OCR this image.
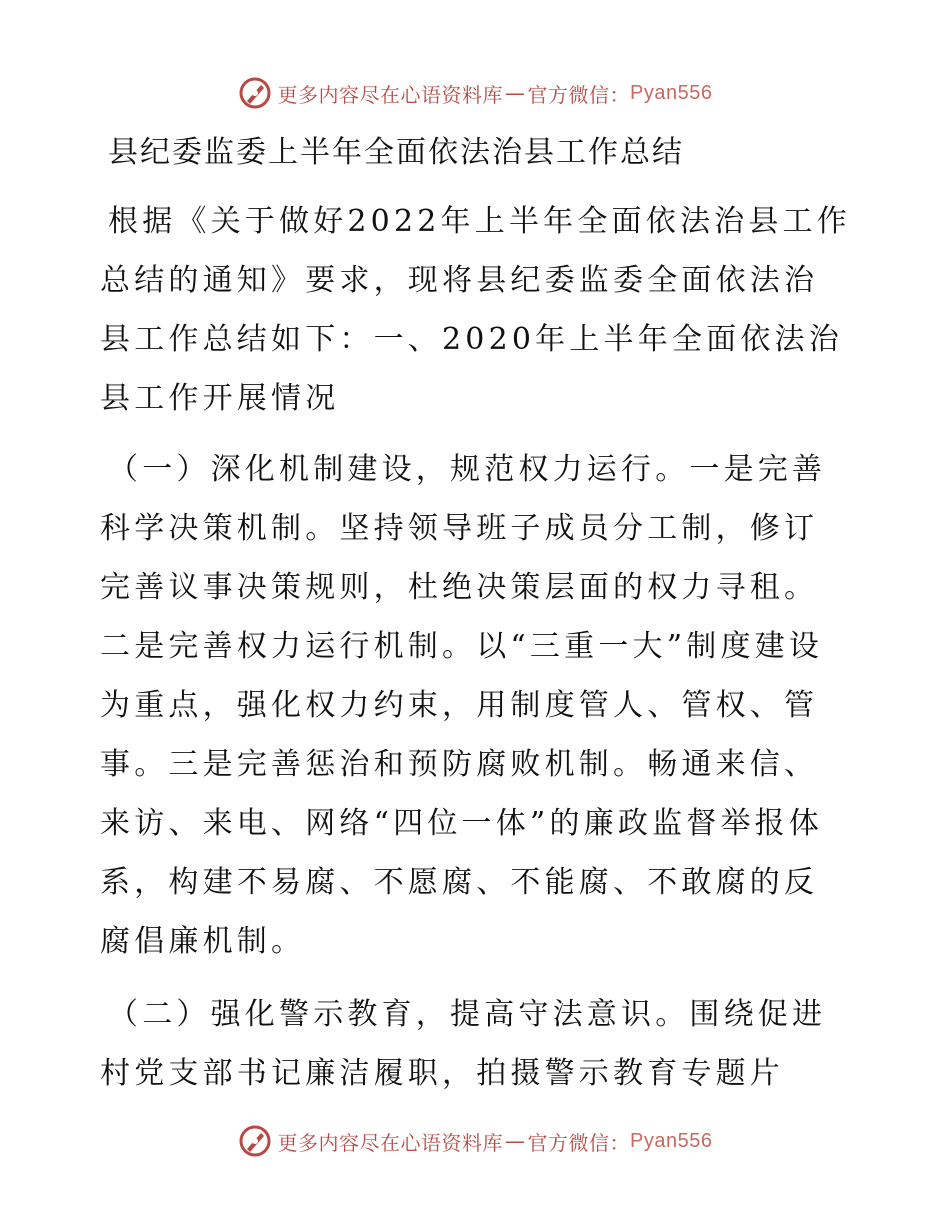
更多内容尽在心语资料库 — 官方微信： Pyan556
县纪委监委上半年全面依法治县工作总结

根据《关于做好2022年上半年全面依法治县工作总结的通知》要求，现将县纪委监委全面依法治县工作总结如下：一、2020年上半年全面依法治县工作开展情况

（一）深化机制建设，规范权力运行。一是完善科学决策机制。坚持领导班子成员分工制，修订完善议事决策规则，杜绝决策层面的权力寻租。二是完善权力运行机制。以“三重一大”制度建设为重点，强化权力约束，用制度管人、管权、管事。三是完善惩治和预防腐败机制。畅通来信、来访、来电、网络“四位一体”的廉政监督举报体系，构建不易腐、不愿腐、不能腐、不敢腐的反腐倡廉机制。

（二）强化警示教育，提高守法意识。围绕促进村党支部书记廉洁履职，拍摄警示教育专题片

更多内容尽在心语资料库 — 官方微信： Pyan556
